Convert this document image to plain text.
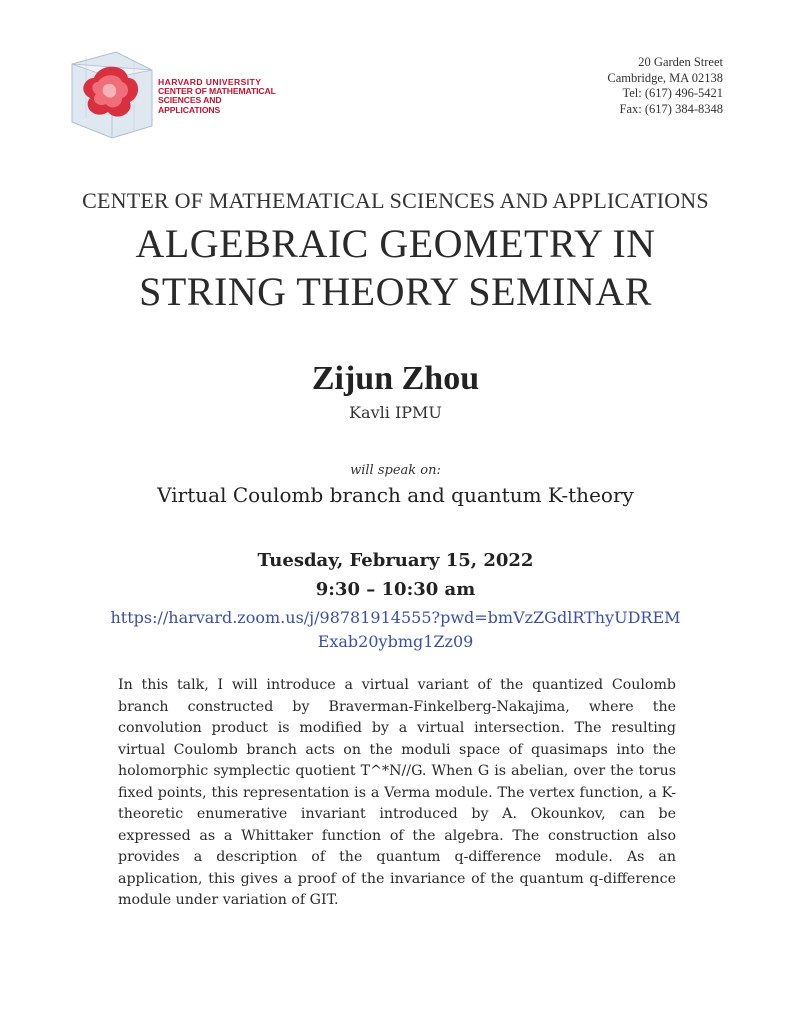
HARVARD UNIVERSITY
CENTER OF MATHEMATICAL
SCIENCES AND APPLICATIONS
20 Garden Street
Cambridge, MA 02138
Tel: (617) 496-5421
Fax: (617) 384-8348
CENTER OF MATHEMATICAL SCIENCES AND APPLICATIONS
ALGEBRAIC GEOMETRY IN
STRING THEORY SEMINAR
Zijun Zhou
Kavli IPMU
will speak on:
Virtual Coulomb branch and quantum K-theory
Tuesday, February 15, 2022
9:30 – 10:30 am
https://harvard.zoom.us/j/98781914555?pwd=bmVzZGdlRThyUDREM
Exab20ybmg1Zz09

In this talk, I will introduce a virtual variant of the quantized Coulomb branch constructed by Braverman-Finkelberg-Nakajima, where the convolution product is modified by a virtual intersection. The resulting virtual Coulomb branch acts on the moduli space of quasimaps into the holomorphic symplectic quotient T^*N//G. When G is abelian, over the torus fixed points, this representation is a Verma module. The vertex function, a K-theoretic enumerative invariant introduced by A. Okounkov, can be expressed as a Whittaker function of the algebra. The construction also provides a description of the quantum q-difference module. As an application, this gives a proof of the invariance of the quantum q-difference module under variation of GIT.
